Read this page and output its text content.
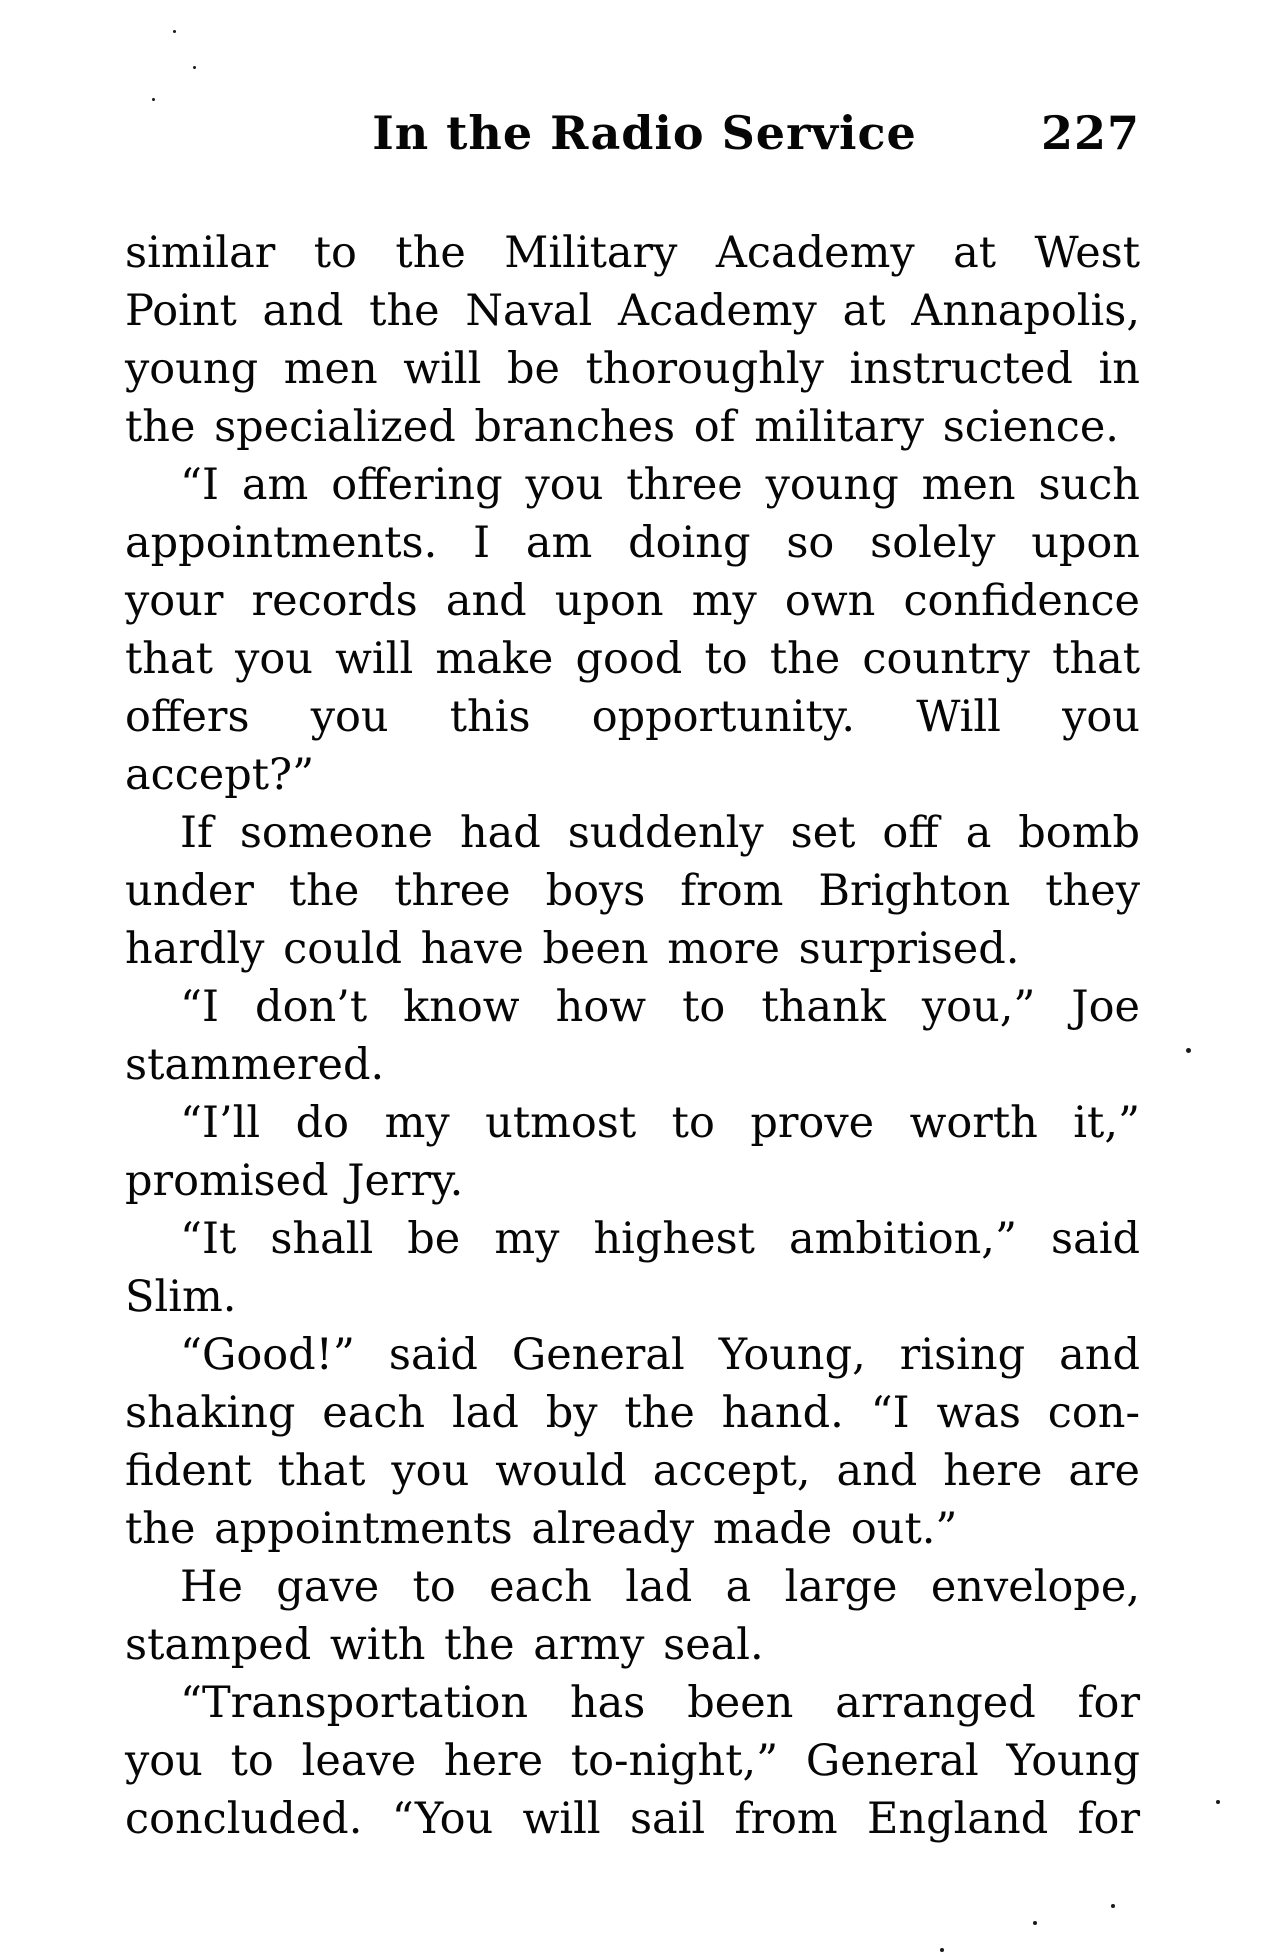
In the Radio Service	227
similar to the Military Academy at West
Point and the Naval Academy at Annapolis,
young men will be thoroughly instructed in
the specialized branches of military science.
“I am offering you three young men such
appointments. I am doing so solely upon
your records and upon my own confidence
that you will make good to the country that
offers you this opportunity. Will you
accept?”
If someone had suddenly set off a bomb
under the three boys from Brighton they
hardly could have been more surprised.
“I don’t know how to thank you,” Joe
stammered.
“I’ll do my utmost to prove worth it,”
promised Jerry.
“It shall be my highest ambition,” said
Slim.
“Good!” said General Young, rising and
shaking each lad by the hand. “I was con-
fident that you would accept, and here are
the appointments already made out.”
He gave to each lad a large envelope,
stamped with the army seal.
“Transportation has been arranged for
you to leave here to-night,” General Young
concluded. “You will sail from England for
